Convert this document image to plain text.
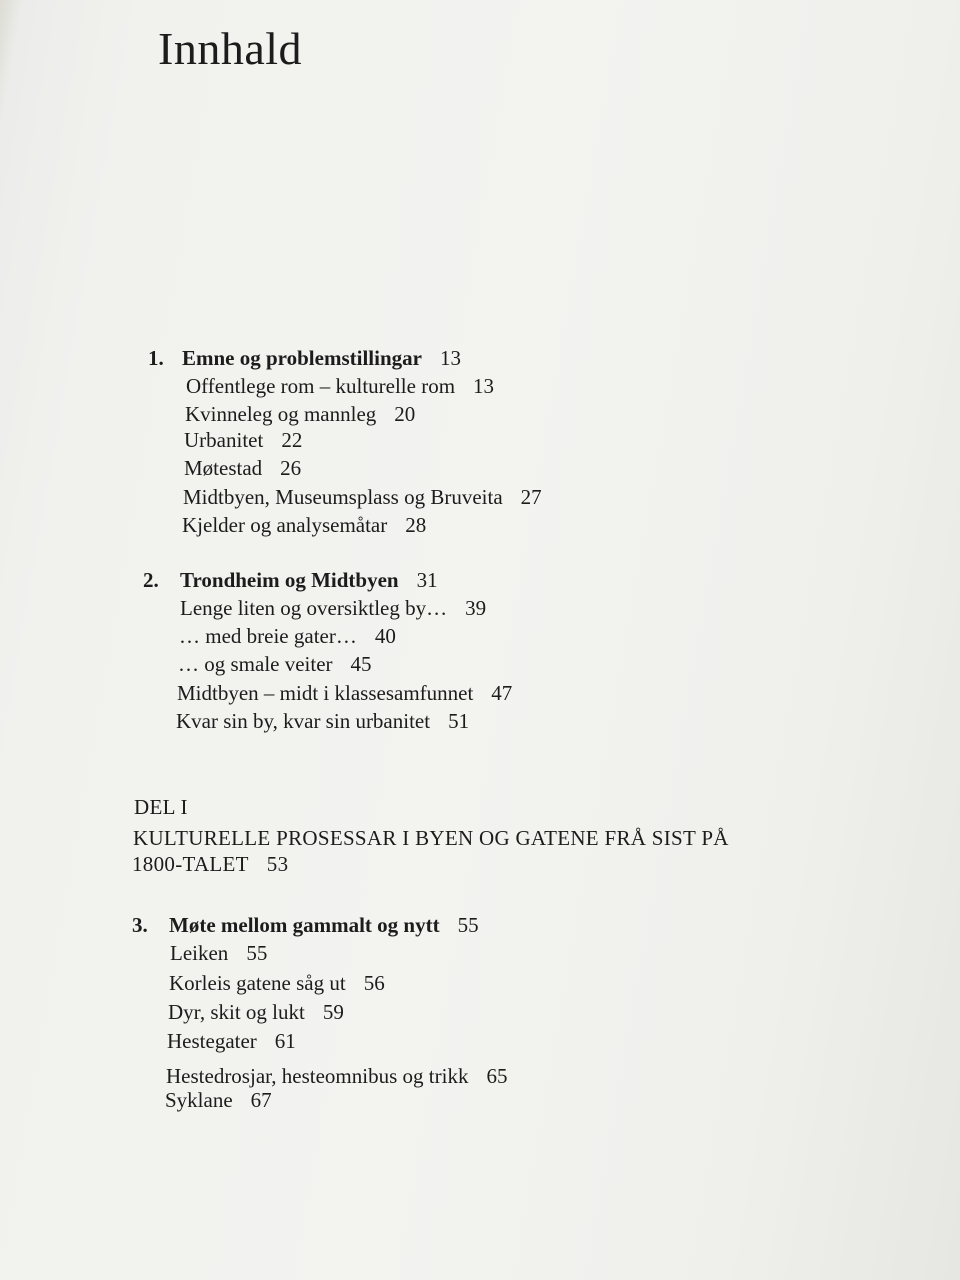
Innhald
1. Emne og problemstillingar 13
Offentlege rom – kulturelle rom 13
Kvinneleg og mannleg 20
Urbanitet 22
Møtestad 26
Midtbyen, Museumsplass og Bruveita 27
Kjelder og analysemåtar 28
2. Trondheim og Midtbyen 31
Lenge liten og oversiktleg by… 39
… med breie gater… 40
… og smale veiter 45
Midtbyen – midt i klassesamfunnet 47
Kvar sin by, kvar sin urbanitet 51
DEL I
KULTURELLE PROSESSAR I BYEN OG GATENE FRÅ SIST PÅ
1800-TALET 53
3. Møte mellom gammalt og nytt 55
Leiken 55
Korleis gatene såg ut 56
Dyr, skit og lukt 59
Hestegater 61
Hestedrosjar, hesteomnibus og trikk 65
Syklane 67
